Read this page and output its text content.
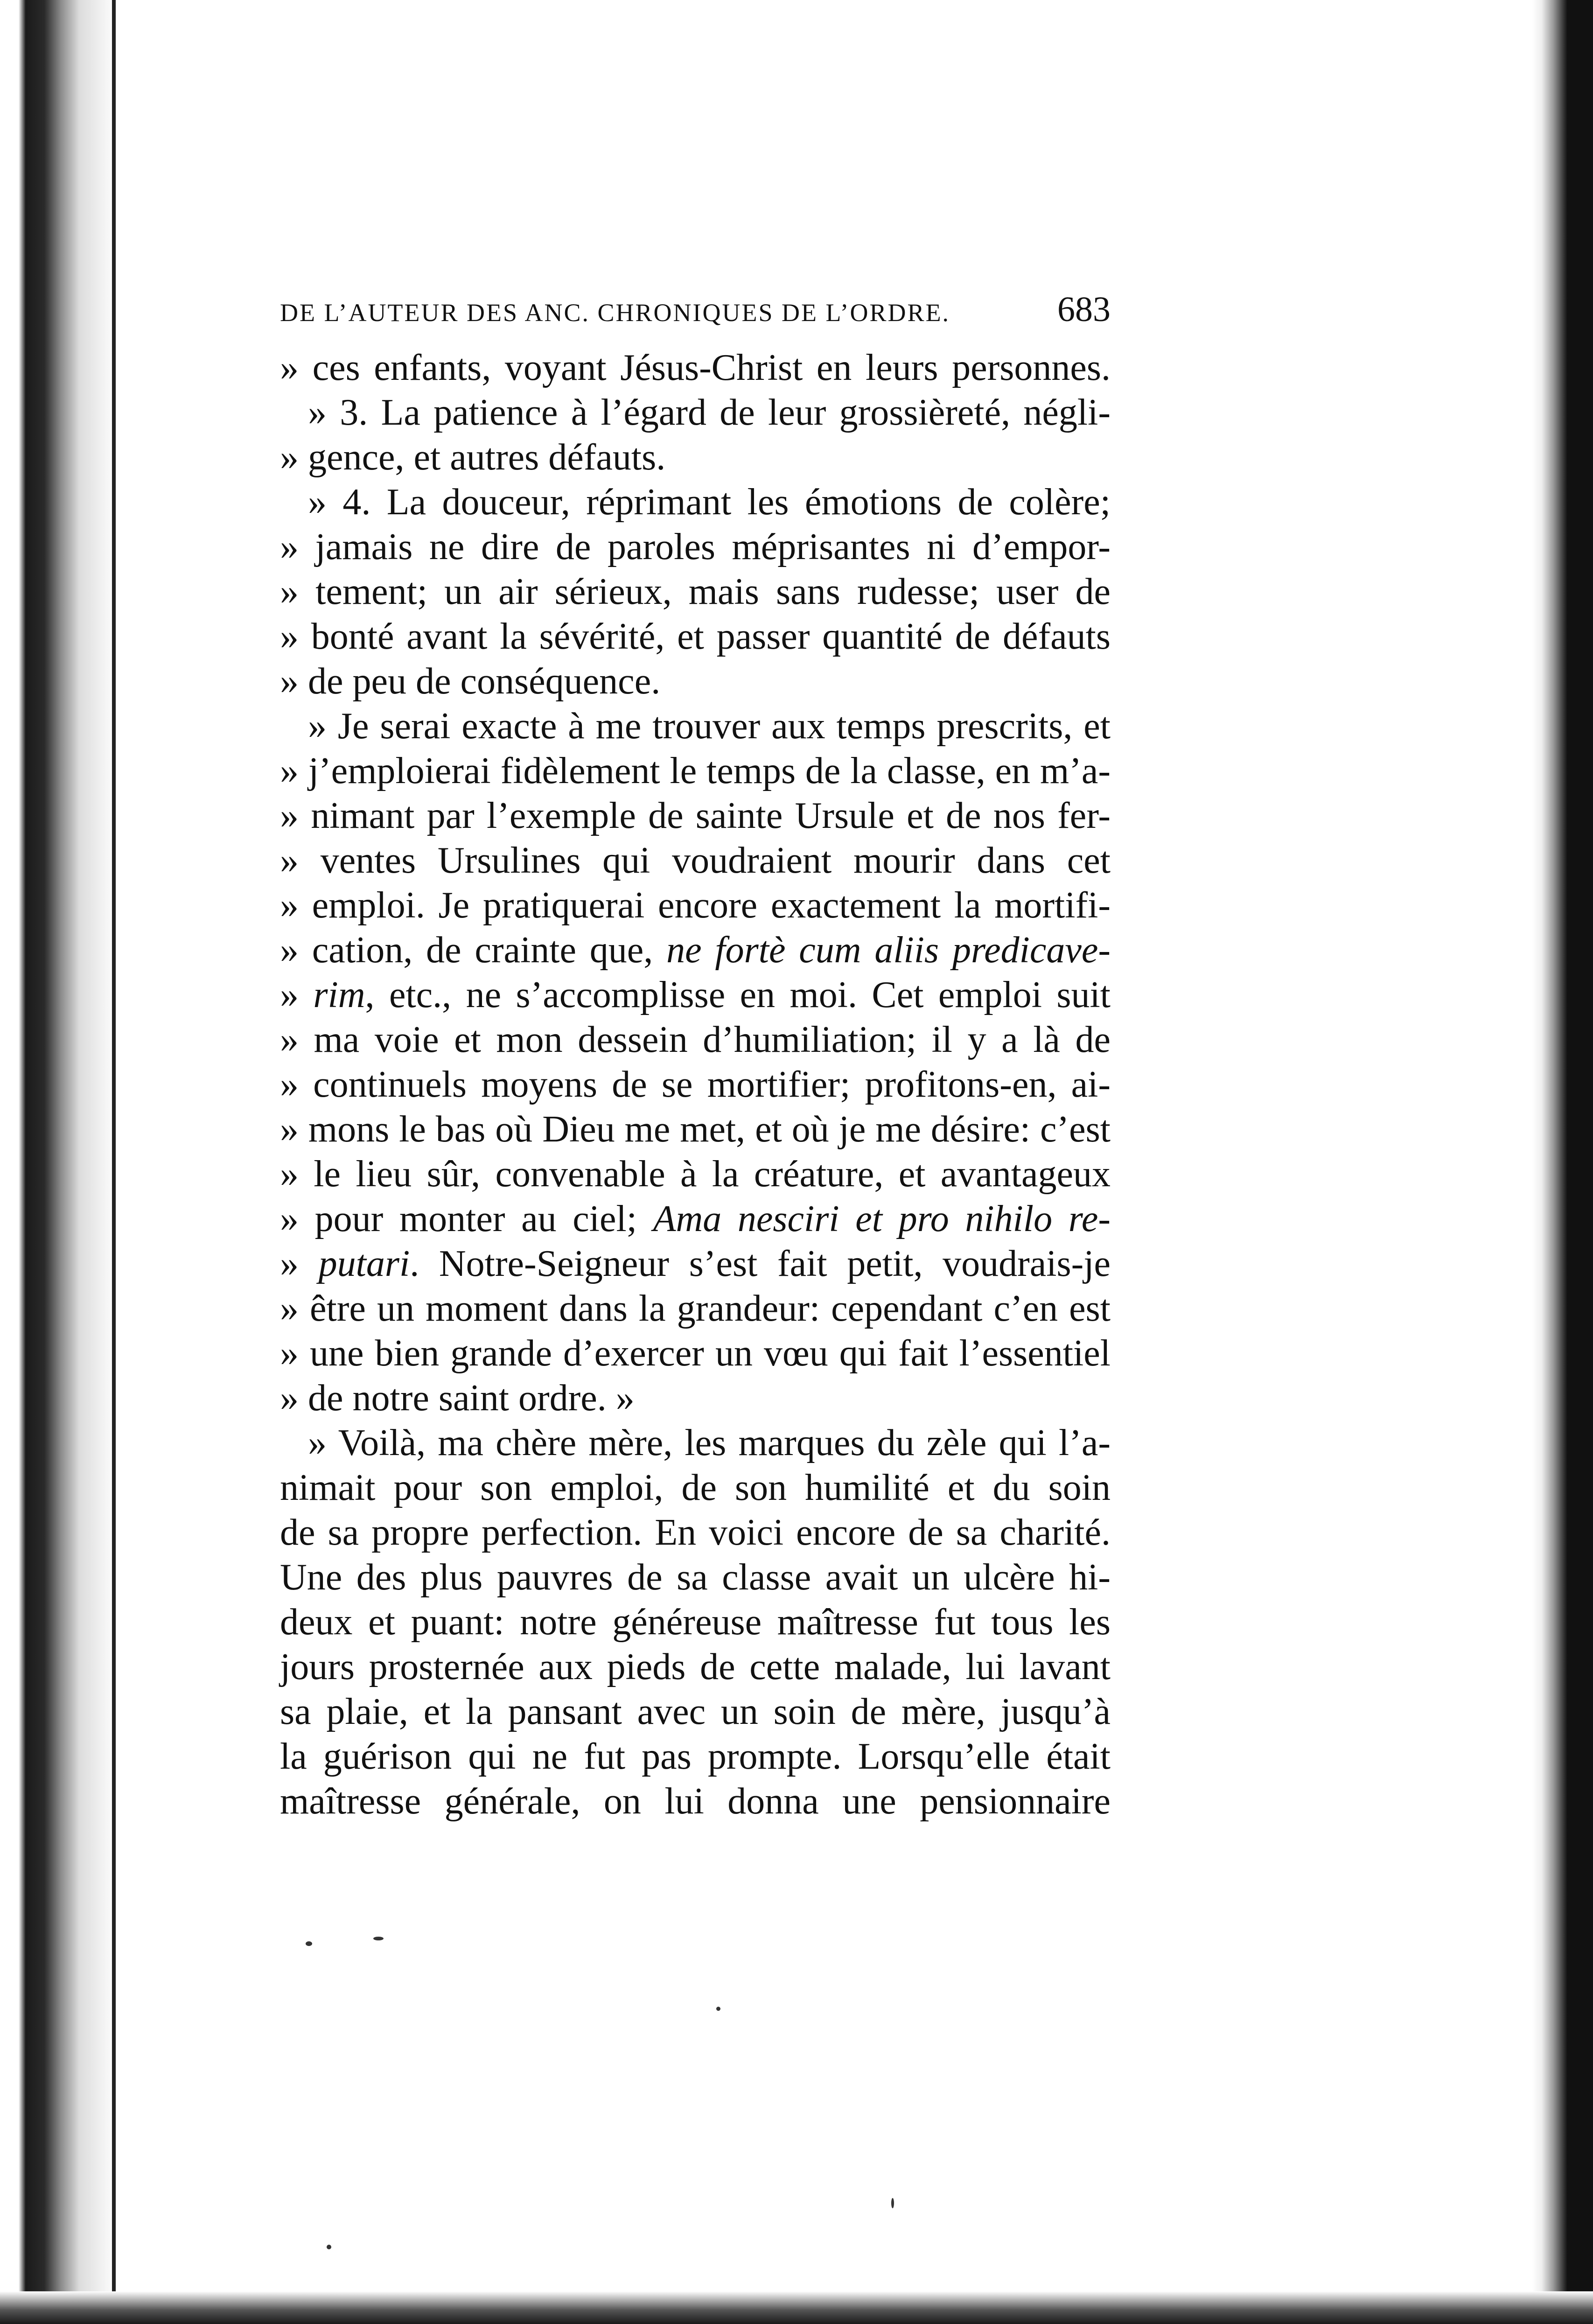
DE L’AUTEUR DES ANC. CHRONIQUES DE L’ORDRE.	683
» ces enfants, voyant Jésus-Christ en leurs personnes.
» 3. La patience à l’égard de leur grossièreté, négli-
» gence, et autres défauts.
» 4. La douceur, réprimant les émotions de colère;
» jamais ne dire de paroles méprisantes ni d’empor-
» tement; un air sérieux, mais sans rudesse; user de
» bonté avant la sévérité, et passer quantité de défauts
» de peu de conséquence.
» Je serai exacte à me trouver aux temps prescrits, et
» j’emploierai fidèlement le temps de la classe, en m’a-
» nimant par l’exemple de sainte Ursule et de nos fer-
» ventes Ursulines qui voudraient mourir dans cet
» emploi. Je pratiquerai encore exactement la mortifi-
» cation, de crainte que, ne fortè cum aliis predicave-
» rim, etc., ne s’accomplisse en moi. Cet emploi suit
» ma voie et mon dessein d’humiliation; il y a là de
» continuels moyens de se mortifier; profitons-en, ai-
» mons le bas où Dieu me met, et où je me désire: c’est
» le lieu sûr, convenable à la créature, et avantageux
» pour monter au ciel; Ama nesciri et pro nihilo re-
» putari. Notre-Seigneur s’est fait petit, voudrais-je
» être un moment dans la grandeur: cependant c’en est
» une bien grande d’exercer un vœu qui fait l’essentiel
» de notre saint ordre. »
» Voilà, ma chère mère, les marques du zèle qui l’a-
nimait pour son emploi, de son humilité et du soin
de sa propre perfection. En voici encore de sa charité.
Une des plus pauvres de sa classe avait un ulcère hi-
deux et puant: notre généreuse maîtresse fut tous les
jours prosternée aux pieds de cette malade, lui lavant
sa plaie, et la pansant avec un soin de mère, jusqu’à
la guérison qui ne fut pas prompte. Lorsqu’elle était
maîtresse générale, on lui donna une pensionnaire
